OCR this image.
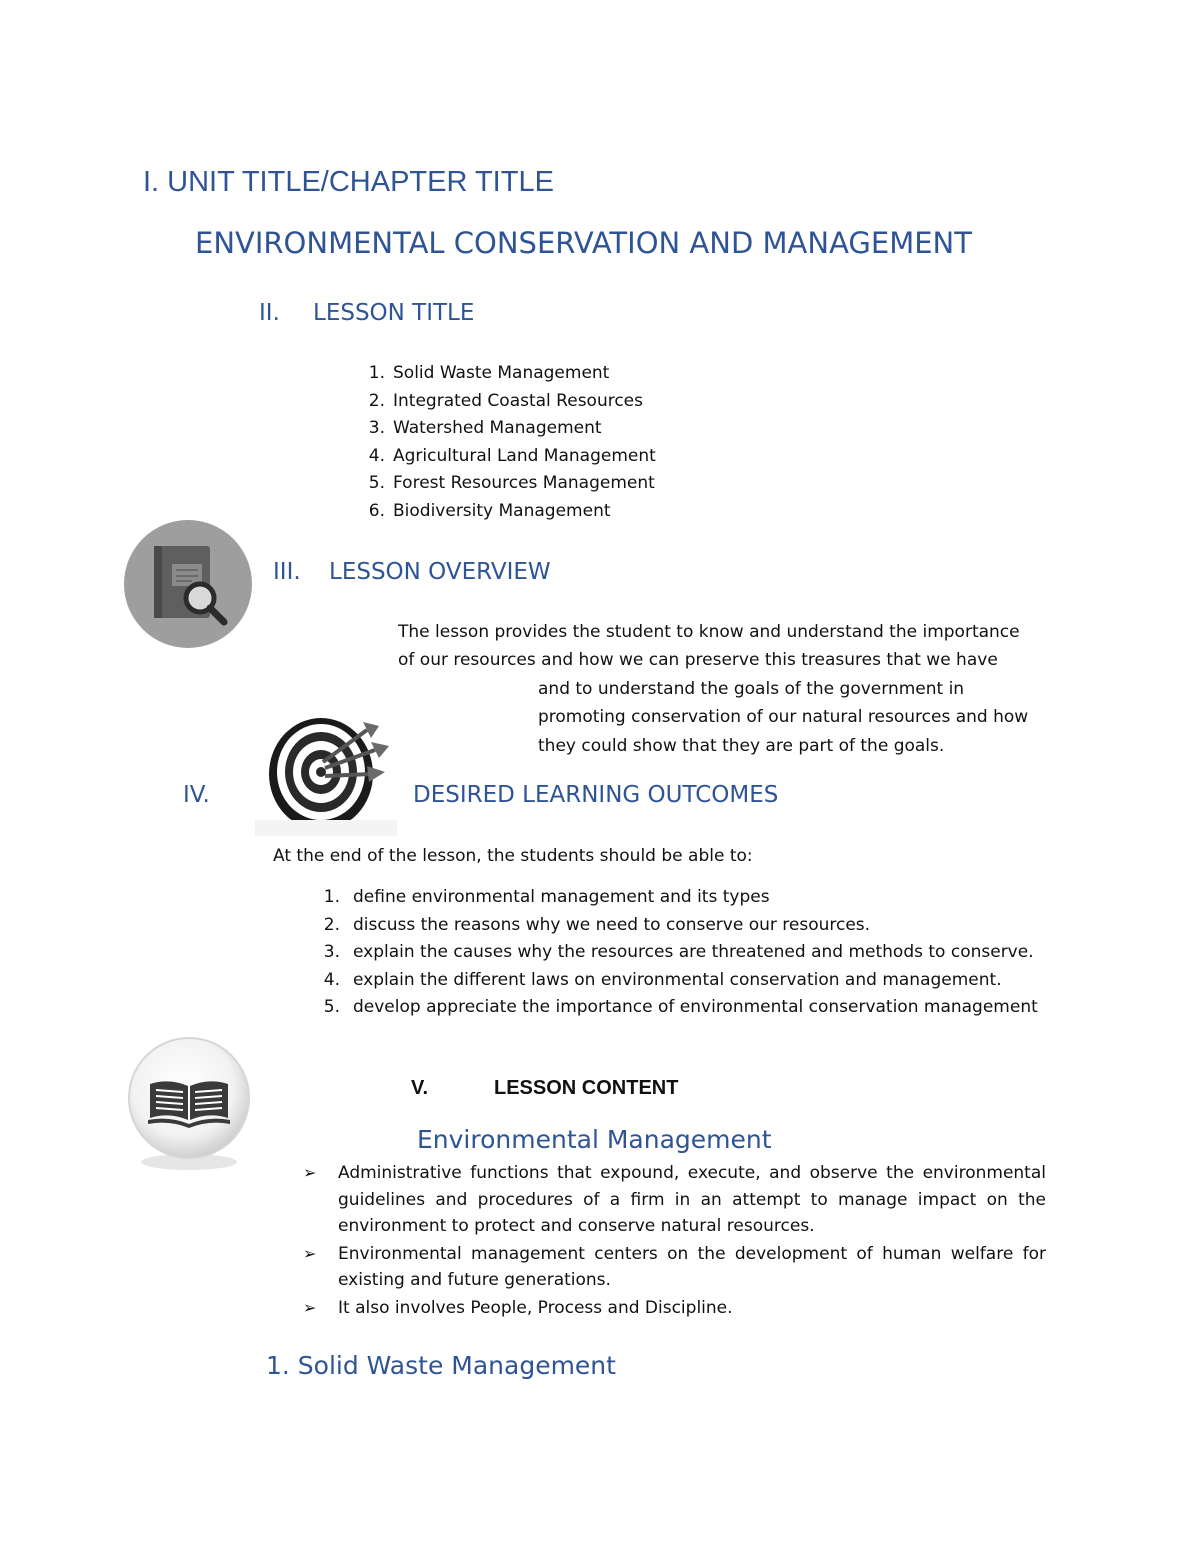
I. UNIT TITLE/CHAPTER TITLE
ENVIRONMENTAL CONSERVATION AND MANAGEMENT
II. LESSON TITLE
1. Solid Waste Management
2. Integrated Coastal Resources
3. Watershed Management
4. Agricultural Land Management
5. Forest Resources Management
6. Biodiversity Management
III. LESSON OVERVIEW
The lesson provides the student to know and understand the importance
of our resources and how we can preserve this treasures that we have
and to understand the goals of the government in
promoting conservation of our natural resources and how
they could show that they are part of the goals.
IV.	DESIRED LEARNING OUTCOMES
At the end of the lesson, the students should be able to:
1. define environmental management and its types
2. discuss the reasons why we need to conserve our resources.
3. explain the causes why the resources are threatened and methods to conserve.
4. explain the different laws on environmental conservation and management.
5. develop appreciate the importance of environmental conservation management
V.	LESSON CONTENT
Environmental Management
➢ Administrative functions that expound, execute, and observe the environmental guidelines and procedures of a firm in an attempt to manage impact on the environment to protect and conserve natural resources.
➢ Environmental management centers on the development of human welfare for existing and future generations.
➢ It also involves People, Process and Discipline.
1. Solid Waste Management
